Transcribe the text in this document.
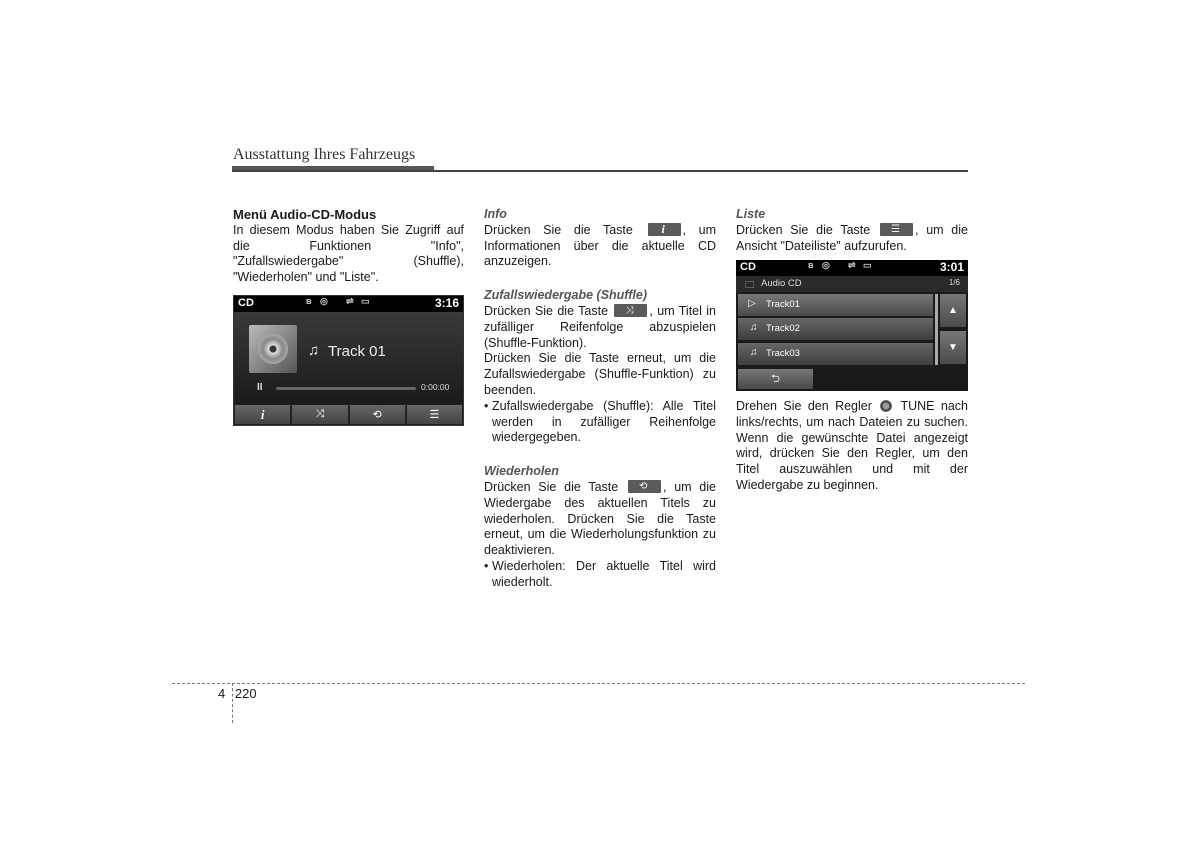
Ausstattung Ihres Fahrzeugs

Menü Audio-CD-Modus

In diesem Modus haben Sie Zugriff auf die Funktionen "Info", "Zufallswiedergabe" (Shuffle), "Wiederholen" und "Liste".

CD	ʙ ◎ ⇌ ▭	3:16
♫ Track 01
II	0:00:00
i	⤨	⟲	☰

Info

Drücken Sie die Taste i , um Informationen über die aktuelle CD anzuzeigen.

Zufallswiedergabe (Shuffle)

Drücken Sie die Taste ⤨ , um Titel in zufälliger Reifenfolge abzuspielen (Shuffle-Funktion).

Drücken Sie die Taste erneut, um die Zufallswiedergabe (Shuffle-Funktion) zu beenden.

• Zufallswiedergabe (Shuffle): Alle Titel werden in zufälliger Reihenfolge wiedergegeben.

Wiederholen

Drücken Sie die Taste ⟲ , um die Wiedergabe des aktuellen Titels zu wiederholen. Drücken Sie die Taste erneut, um die Wiederholungsfunktion zu deaktivieren.

• Wiederholen: Der aktuelle Titel wird wiederholt.

Liste

Drücken Sie die Taste ☰ , um die Ansicht "Dateiliste" aufzurufen.

CD	ʙ ◎ ⇌ ▭	3:01
🗀 Audio CD	1/6
▷ Track01
♫ Track02
♫ Track03
▲
▼
⮌

Drehen Sie den Regler TUNE nach links/rechts, um nach Dateien zu suchen. Wenn die gewünschte Datei angezeigt wird, drücken Sie den Regler, um den Titel auszuwählen und mit der Wiedergabe zu beginnen.

4 220
